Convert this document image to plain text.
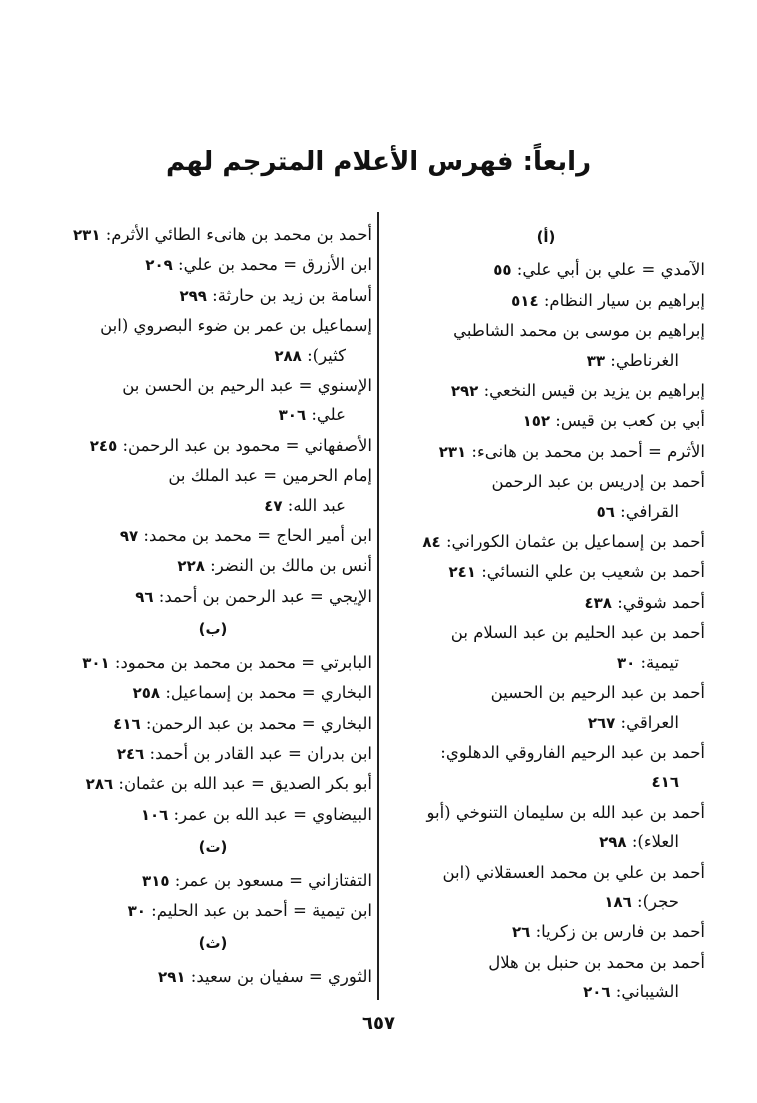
رابعاً: فهرس الأعلام المترجم لهم
(أ)
الآمدي = علي بن أبي علي: ٥٥
إبراهيم بن سيار النظام: ٥١٤
إبراهيم بن موسى بن محمد الشاطبي
الغرناطي: ٣٣
إبراهيم بن يزيد بن قيس النخعي: ٢٩٢
أبي بن كعب بن قيس: ١٥٢
الأثرم = أحمد بن محمد بن هانىء: ٢٣١
أحمد بن إدريس بن عبد الرحمن
القرافي: ٥٦
أحمد بن إسماعيل بن عثمان الكوراني: ٨٤
أحمد بن شعيب بن علي النسائي: ٢٤١
أحمد شوقي: ٤٣٨
أحمد بن عبد الحليم بن عبد السلام بن
تيمية: ٣٠
أحمد بن عبد الرحيم بن الحسين
العراقي: ٢٦٧
أحمد بن عبد الرحيم الفاروقي الدهلوي:
٤١٦
أحمد بن عبد الله بن سليمان التنوخي (أبو
العلاء): ٢٩٨
أحمد بن علي بن محمد العسقلاني (ابن
حجر): ١٨٦
أحمد بن فارس بن زكريا: ٢٦
أحمد بن محمد بن حنبل بن هلال
الشيباني: ٢٠٦
أحمد بن محمد بن هانىء الطائي الأثرم: ٢٣١
ابن الأزرق = محمد بن علي: ٢٠٩
أسامة بن زيد بن حارثة: ٢٩٩
إسماعيل بن عمر بن ضوء البصروي (ابن
كثير): ٢٨٨
الإسنوي = عبد الرحيم بن الحسن بن
علي: ٣٠٦
الأصفهاني = محمود بن عبد الرحمن: ٢٤٥
إمام الحرمين = عبد الملك بن
عبد الله: ٤٧
ابن أمير الحاج = محمد بن محمد: ٩٧
أنس بن مالك بن النضر: ٢٢٨
الإيجي = عبد الرحمن بن أحمد: ٩٦
(ب)
البابرتي = محمد بن محمد بن محمود: ٣٠١
البخاري = محمد بن إسماعيل: ٢٥٨
البخاري = محمد بن عبد الرحمن: ٤١٦
ابن بدران = عبد القادر بن أحمد: ٢٤٦
أبو بكر الصديق = عبد الله بن عثمان: ٢٨٦
البيضاوي = عبد الله بن عمر: ١٠٦
(ت)
التفتازاني = مسعود بن عمر: ٣١٥
ابن تيمية = أحمد بن عبد الحليم: ٣٠
(ث)
الثوري = سفيان بن سعيد: ٢٩١
٦٥٧
